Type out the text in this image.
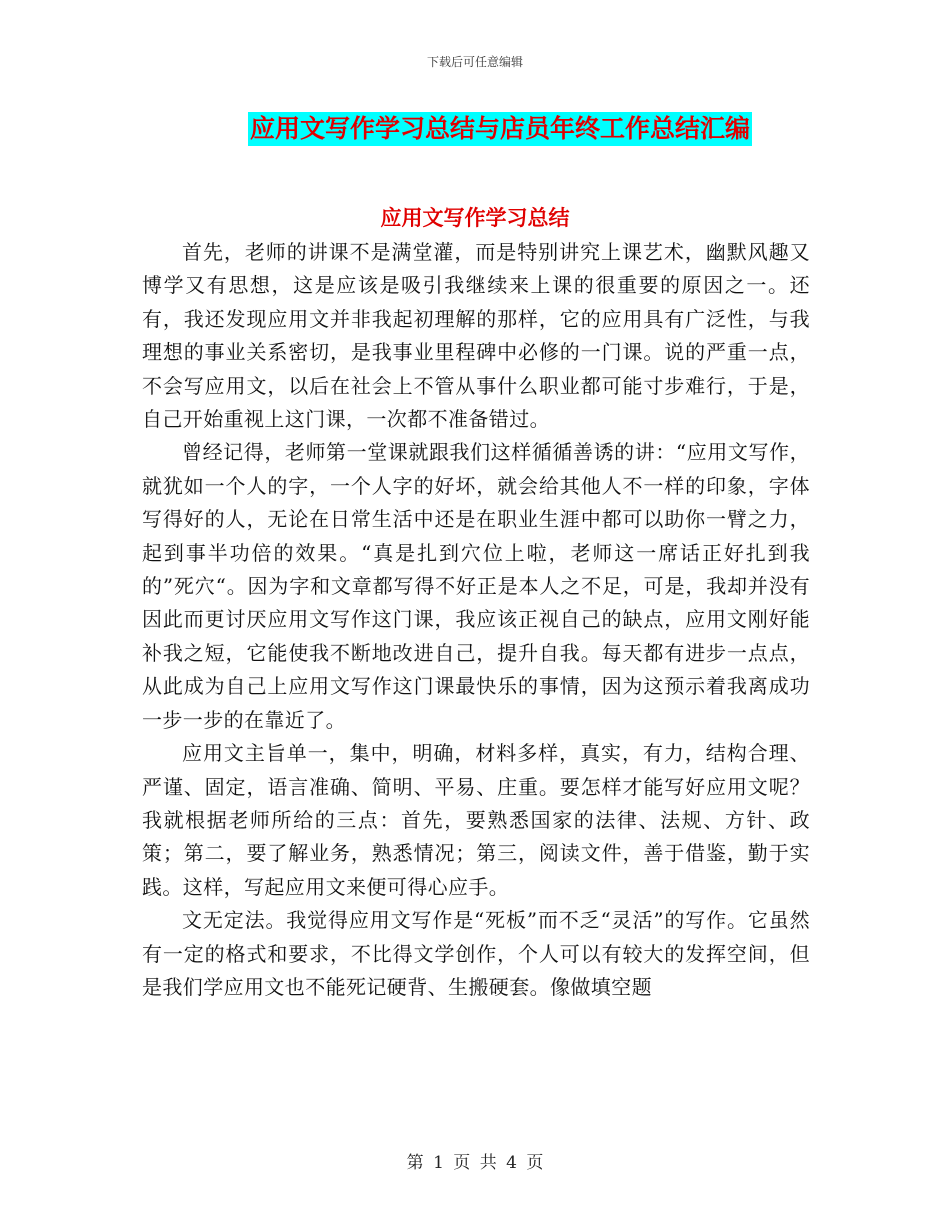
下载后可任意编辑
应用文写作学习总结与店员年终工作总结汇编
应用文写作学习总结

首先，老师的讲课不是满堂灌，而是特别讲究上课艺术，幽默风趣又博学又有思想，这是应该是吸引我继续来上课的很重要的原因之一。还有，我还发现应用文并非我起初理解的那样，它的应用具有广泛性，与我理想的事业关系密切，是我事业里程碑中必修的一门课。说的严重一点，不会写应用文，以后在社会上不管从事什么职业都可能寸步难行，于是，自己开始重视上这门课，一次都不准备错过。

曾经记得，老师第一堂课就跟我们这样循循善诱的讲：“应用文写作，就犹如一个人的字，一个人字的好坏，就会给其他人不一样的印象，字体写得好的人，无论在日常生活中还是在职业生涯中都可以助你一臂之力，起到事半功倍的效果。“真是扎到穴位上啦，老师这一席话正好扎到我的”死穴“。因为字和文章都写得不好正是本人之不足，可是，我却并没有因此而更讨厌应用文写作这门课，我应该正视自己的缺点，应用文刚好能补我之短，它能使我不断地改进自己，提升自我。每天都有进步一点点，从此成为自己上应用文写作这门课最快乐的事情，因为这预示着我离成功一步一步的在靠近了。

应用文主旨单一，集中，明确，材料多样，真实，有力，结构合理、严谨、固定，语言准确、简明、平易、庄重。要怎样才能写好应用文呢？我就根据老师所给的三点：首先，要熟悉国家的法律、法规、方针、政策；第二，要了解业务，熟悉情况；第三，阅读文件，善于借鉴，勤于实践。这样，写起应用文来便可得心应手。

文无定法。我觉得应用文写作是“死板”而不乏“灵活”的写作。它虽然有一定的格式和要求，不比得文学创作，个人可以有较大的发挥空间，但是我们学应用文也不能死记硬背、生搬硬套。像做填空题

第 1 页 共 4 页
